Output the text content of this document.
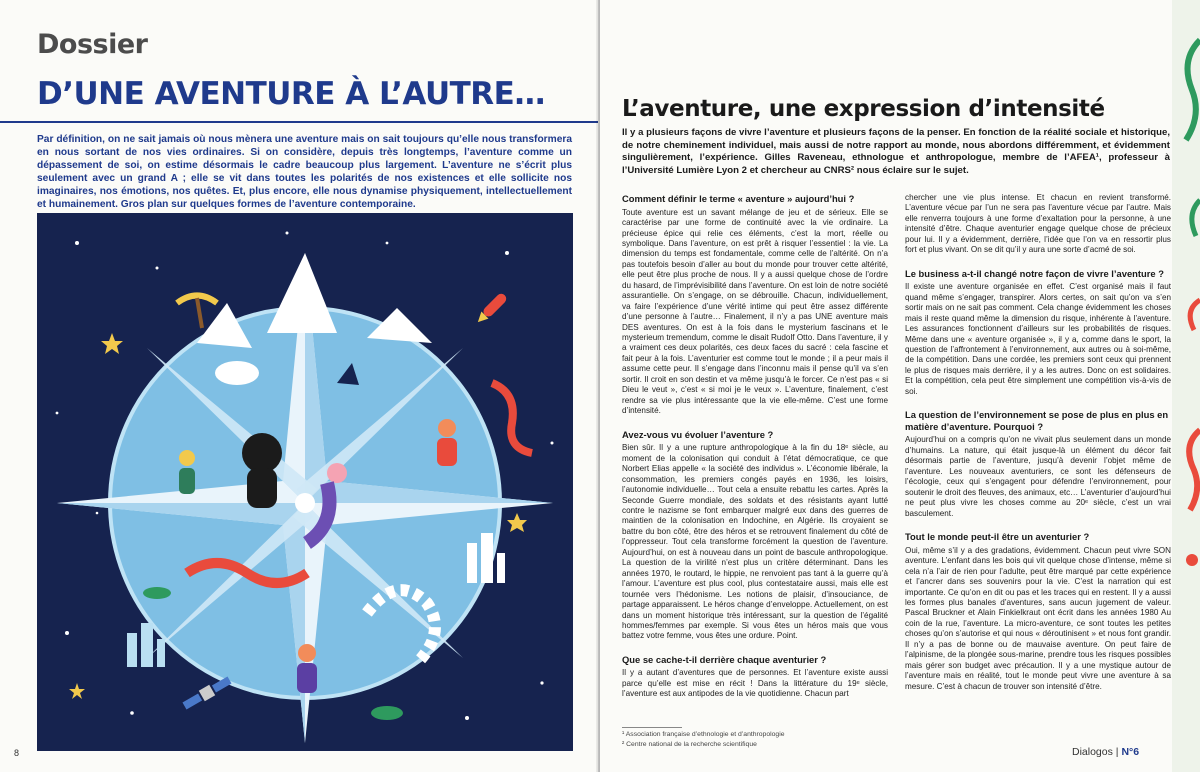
Dossier
D’UNE AVENTURE À L’AUTRE…
Par définition, on ne sait jamais où nous mènera une aventure mais on sait toujours qu’elle nous transformera en nous sortant de nos vies ordinaires. Si on considère, depuis très longtemps, l’aventure comme un dépassement de soi, on estime désormais le cadre beaucoup plus largement. L’aventure ne s’écrit plus seulement avec un grand A ; elle se vit dans toutes les polarités de nos existences et elle sollicite nos imaginaires, nos émotions, nos quêtes. Et, plus encore, elle nous dynamise physiquement, intellectuellement et humainement. Gros plan sur quelques formes de l’aventure contemporaine.
8
L’aventure, une expression d’intensité
Il y a plusieurs façons de vivre l’aventure et plusieurs façons de la penser. En fonction de la réalité sociale et historique, de notre cheminement individuel, mais aussi de notre rapport au monde, nous abordons différemment, et évidemment singulièrement, l’expérience. Gilles Raveneau, ethnologue et anthropologue, membre de l’AFEA¹, professeur à l’Université Lumière Lyon 2 et chercheur au CNRS² nous éclaire sur le sujet.
Comment définir le terme « aventure » aujourd’hui ?

Toute aventure est un savant mélange de jeu et de sérieux. Elle se caractérise par une forme de continuité avec la vie ordinaire. La précieuse épice qui relie ces éléments, c’est la mort, réelle ou symbolique. Dans l’aventure, on est prêt à risquer l’essentiel : la vie. La dimension du temps est fondamentale, comme celle de l’altérité. On n’a pas toutefois besoin d’aller au bout du monde pour trouver cette altérité, elle peut être plus proche de nous. Il y a aussi quelque chose de l’ordre du hasard, de l’imprévisibilité dans l’aventure. On est loin de notre société assurantielle. On s’engage, on se débrouille. Chacun, individuellement, va faire l’expérience d’une vérité intime qui peut être assez différente d’une personne à l’autre… Finalement, il n’y a pas UNE aventure mais DES aventures. On est à la fois dans le mysterium fascinans et le mysterieum tremendum, comme le disait Rudolf Otto. Dans l’aventure, il y a vraiment ces deux polarités, ces deux faces du sacré : cela fascine et fait peur à la fois. L’aventurier est comme tout le monde ; il a peur mais il assume cette peur. Il s’engage dans l’inconnu mais il pense qu’il va s’en sortir. Il croit en son destin et va même jusqu’à le forcer. Ce n’est pas « si Dieu le veut », c’est « si moi je le veux ». L’aventure, finalement, c’est rendre sa vie plus intéressante que la vie elle-même. C’est une forme d’intensité.

Avez-vous vu évoluer l’aventure ?

Bien sûr. Il y a une rupture anthropologique à la fin du 18ᵉ siècle, au moment de la colonisation qui conduit à l’état démocratique, ce que Norbert Elias appelle « la société des individus ». L’économie libérale, la consommation, les premiers congés payés en 1936, les loisirs, l’autonomie individuelle… Tout cela a ensuite rebattu les cartes. Après la Seconde Guerre mondiale, des soldats et des résistants ayant lutté contre le nazisme se font embarquer malgré eux dans des guerres de maintien de la colonisation en Indochine, en Algérie. Ils croyaient se battre du bon côté, être des héros et se retrouvent finalement du côté de l’oppresseur. Tout cela transforme forcément la question de l’aventure. Aujourd’hui, on est à nouveau dans un point de bascule anthropologique. La question de la virilité n’est plus un critère déterminant. Dans les années 1970, le routard, le hippie, ne renvoient pas tant à la guerre qu’à l’amour. L’aventure est plus cool, plus contestataire aussi, mais elle est tournée vers l’hédonisme. Les notions de plaisir, d’insouciance, de partage apparaissent. Le héros change d’enveloppe. Actuellement, on est dans un moment historique très intéressant, sur la question de l’égalité hommes/femmes par exemple. Si vous êtes un héros mais que vous battez votre femme, vous êtes une ordure. Point.

Que se cache-t-il derrière chaque aventurier ?

Il y a autant d’aventures que de personnes. Et l’aventure existe aussi parce qu’elle est mise en récit ! Dans la littérature du 19ᵉ siècle, l’aventure est aux antipodes de la vie quotidienne. Chacun part

chercher une vie plus intense. Et chacun en revient transformé. L’aventure vécue par l’un ne sera pas l’aventure vécue par l’autre. Mais elle renverra toujours à une forme d’exaltation pour la personne, à une intensité d’être. Chaque aventurier engage quelque chose de précieux pour lui. Il y a évidemment, derrière, l’idée que l’on va en ressortir plus fort et plus vivant. On se dit qu’il y aura une sorte d’acmé de soi.

Le business a-t-il changé notre façon de vivre l’aventure ?

Il existe une aventure organisée en effet. C’est organisé mais il faut quand même s’engager, transpirer. Alors certes, on sait qu’on va s’en sortir mais on ne sait pas comment. Cela change évidemment les choses mais il reste quand même la dimension du risque, inhérente à l’aventure. Les assurances fonctionnent d’ailleurs sur les probabilités de risques. Même dans une « aventure organisée », il y a, comme dans le sport, la question de l’affrontement à l’environnement, aux autres ou à soi-même, de la compétition. Dans une cordée, les premiers sont ceux qui prennent le plus de risques mais derrière, il y a les autres. Donc on est solidaires. Et la compétition, cela peut être simplement une compétition vis-à-vis de soi.

La question de l’environnement se pose de plus en plus en matière d’aventure. Pourquoi ?

Aujourd’hui on a compris qu’on ne vivait plus seulement dans un monde d’humains. La nature, qui était jusque-là un élément du décor fait désormais partie de l’aventure, jusqu’à devenir l’objet même de l’aventure. Les nouveaux aventuriers, ce sont les défenseurs de l’écologie, ceux qui s’engagent pour défendre l’environnement, pour soutenir le droit des fleuves, des animaux, etc… L’aventurier d’aujourd’hui ne peut plus vivre les choses comme au 20ᵉ siècle, c’est un vrai basculement.

Tout le monde peut-il être un aventurier ?

Oui, même s’il y a des gradations, évidemment. Chacun peut vivre SON aventure. L’enfant dans les bois qui vit quelque chose d’intense, même si cela n’a l’air de rien pour l’adulte, peut être marqué par cette expérience et l’ancrer dans ses souvenirs pour la vie. C’est la narration qui est importante. Ce qu’on en dit ou pas et les traces qui en restent. Il y a aussi les formes plus banales d’aventures, sans aucun jugement de valeur. Pascal Bruckner et Alain Finkielkraut ont écrit dans les années 1980 Au coin de la rue, l’aventure. La micro-aventure, ce sont toutes les petites choses qu’on s’autorise et qui nous « déroutinisent » et nous font grandir. Il n’y a pas de bonne ou de mauvaise aventure. On peut faire de l’alpinisme, de la plongée sous-marine, prendre tous les risques possibles mais gérer son budget avec précaution. Il y a une mystique autour de l’aventure mais en réalité, tout le monde peut vivre une aventure à sa mesure. C’est à chacun de trouver son intensité d’être.

¹ Association française d’ethnologie et d’anthropologie
² Centre national de la recherche scientifique
Dialogos | N°6
